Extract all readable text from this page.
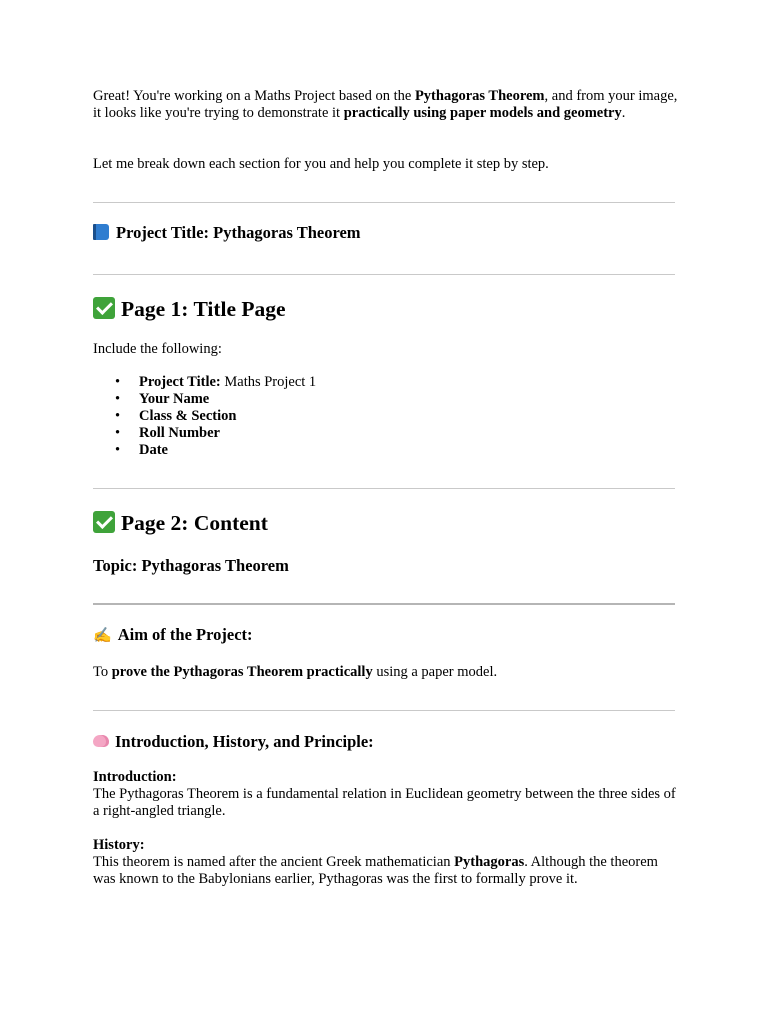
Great! You're working on a Maths Project based on the Pythagoras Theorem, and from your image, it looks like you're trying to demonstrate it practically using paper models and geometry.

Let me break down each section for you and help you complete it step by step.

Project Title: Pythagoras Theorem
Page 1: Title Page

Include the following:

• Project Title: Maths Project 1
• Your Name
• Class & Section
• Roll Number
• Date
Page 2: Content
Topic: Pythagoras Theorem
✍ Aim of the Project:

To prove the Pythagoras Theorem practically using a paper model.

Introduction, History, and Principle:

Introduction:
The Pythagoras Theorem is a fundamental relation in Euclidean geometry between the three sides of a right-angled triangle.

History:
This theorem is named after the ancient Greek mathematician Pythagoras. Although the theorem was known to the Babylonians earlier, Pythagoras was the first to formally prove it.
